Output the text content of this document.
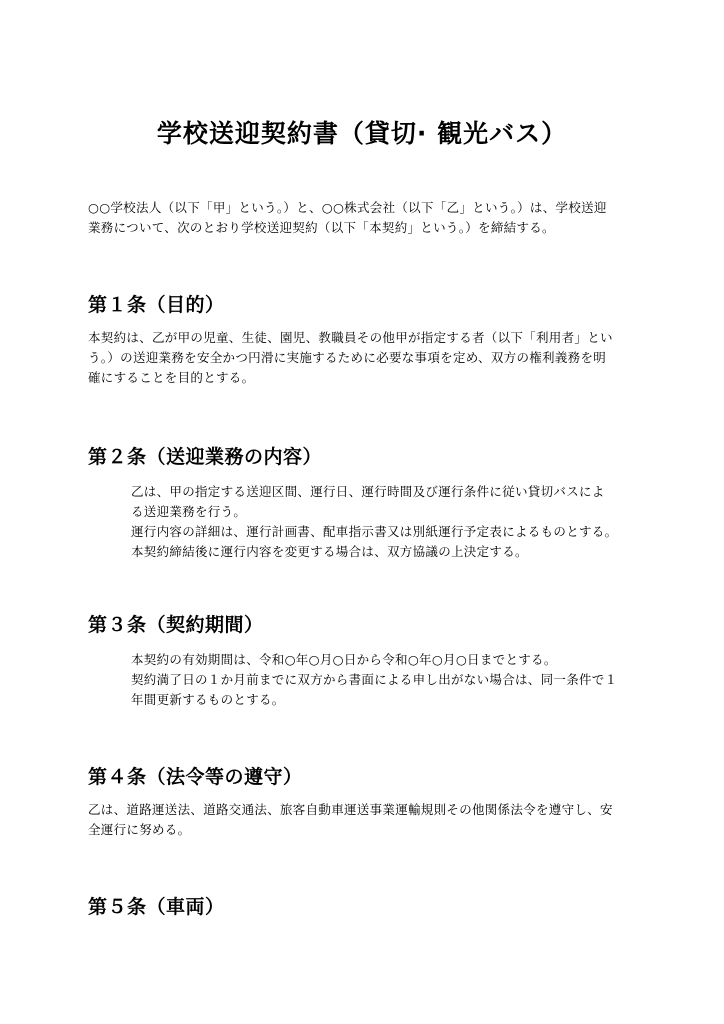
学校送迎契約書（貸切· 観光バス）

○○学校法人（以下「甲」という。）と、○○株式会社（以下「乙」という。）は、学校送迎
業務について、次のとおり学校送迎契約（以下「本契約」という。）を締結する。

第１条（目的）

本契約は、乙が甲の児童、生徒、園児、教職員その他甲が指定する者（以下「利用者」とい
う。）の送迎業務を安全かつ円滑に実施するために必要な事項を定め、双方の権利義務を明
確にすることを目的とする。

第２条（送迎業務の内容）

乙は、甲の指定する送迎区間、運行日、運行時間及び運行条件に従い貸切バスによ
る送迎業務を行う。
運行内容の詳細は、運行計画書、配車指示書又は別紙運行予定表によるものとする。
本契約締結後に運行内容を変更する場合は、双方協議の上決定する。

第３条（契約期間）

本契約の有効期間は、令和○年○月○日から令和○年○月○日までとする。
契約満了日の１か月前までに双方から書面による申し出がない場合は、同一条件で１
年間更新するものとする。

第４条（法令等の遵守）

乙は、道路運送法、道路交通法、旅客自動車運送事業運輸規則その他関係法令を遵守し、安
全運行に努める。

第５条（車両）
